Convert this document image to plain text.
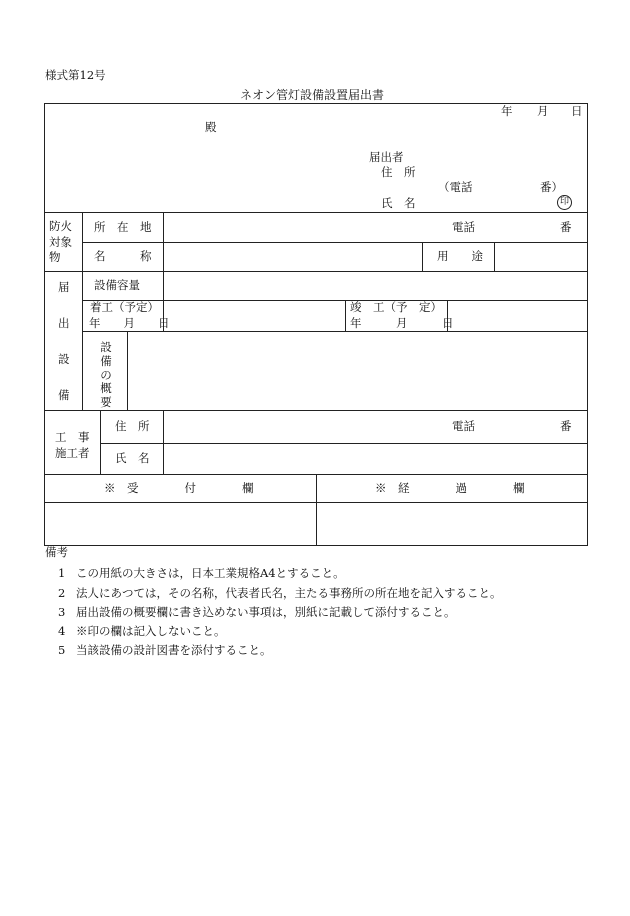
様式第12号
ネオン管灯設備設置届出書
年 月 日
殿
届出者
住　所
（電話	番）
氏　名	印
防火
対象
物
所　在　地	電話	番
名　　　称	用　　途
届
出
設
備
設備容量
着工（予定）
年　　月　　日
竣　工（予　定）
年　　　月　　　日
設
備
の
概
要
工　事
施工者
住　所	電話	番
氏　名
※　受　　　　付　　　　欄	※　経　　　　過　　　　欄
備考
1 この用紙の大きさは，日本工業規格A4とすること。
2 法人にあつては，その名称，代表者氏名，主たる事務所の所在地を記入すること。
3 届出設備の概要欄に書き込めない事項は，別紙に記載して添付すること。
4 ※印の欄は記入しないこと。
5 当該設備の設計図書を添付すること。
